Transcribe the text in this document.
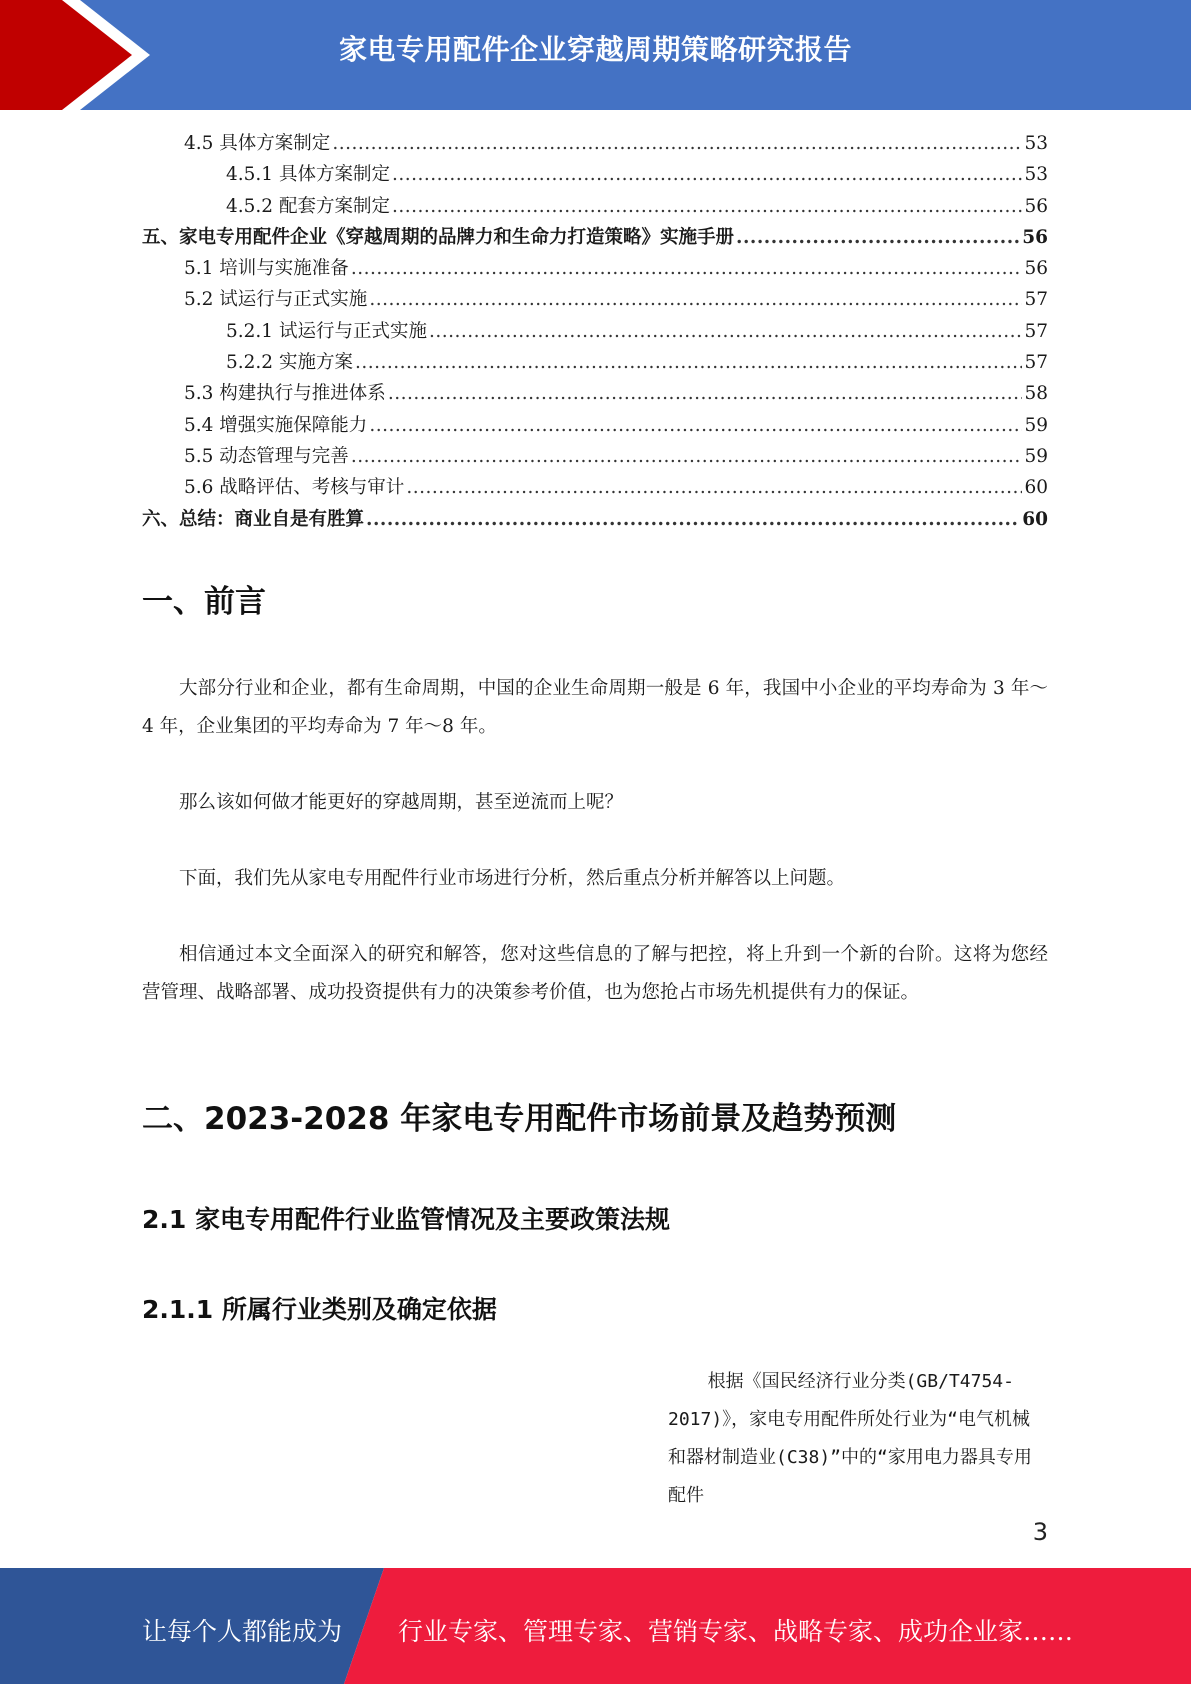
家电专用配件企业穿越周期策略研究报告
4.5 具体方案制定 .....	53
4.5.1 具体方案制定 .....	53
4.5.2 配套方案制定 .....	56
五、家电专用配件企业《穿越周期的品牌力和生命力打造策略》实施手册 .....	56
5.1 培训与实施准备 .....	56
5.2 试运行与正式实施 .....	57
5.2.1 试运行与正式实施 .....	57
5.2.2 实施方案 .....	57
5.3 构建执行与推进体系 .....	58
5.4 增强实施保障能力 .....	59
5.5 动态管理与完善 .....	59
5.6 战略评估、考核与审计 .....	60
六、总结：商业自是有胜算 .....	60
一、前言

大部分行业和企业，都有生命周期，中国的企业生命周期一般是 6 年，我国中小企业的平均寿命为 3 年～4 年，企业集团的平均寿命为 7 年～8 年。

那么该如何做才能更好的穿越周期，甚至逆流而上呢？

下面，我们先从家电专用配件行业市场进行分析，然后重点分析并解答以上问题。

相信通过本文全面深入的研究和解答，您对这些信息的了解与把控，将上升到一个新的台阶。这将为您经营管理、战略部署、成功投资提供有力的决策参考价值，也为您抢占市场先机提供有力的保证。

二、2023-2028 年家电专用配件市场前景及趋势预测
2.1 家电专用配件行业监管情况及主要政策法规
2.1.1 所属行业类别及确定依据

根据《国民经济行业分类(GB/T4754-2017)》，家电专用配件所处行业为“电气机械和器材制造业(C38)”中的“家用电力器具专用配件

3
让每个人都能成为 行业专家、管理专家、营销专家、战略专家、成功企业家……
